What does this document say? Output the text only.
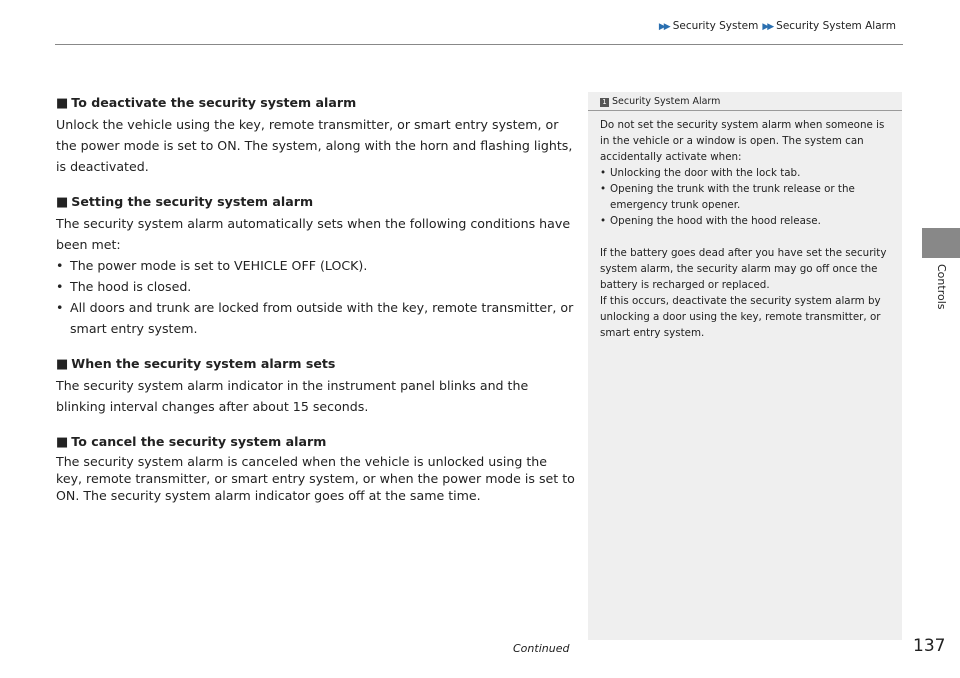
▶▶ Security System ▶▶ Security System Alarm
■ To deactivate the security system alarm

Unlock the vehicle using the key, remote transmitter, or smart entry system, or the power mode is set to ON. The system, along with the horn and flashing lights, is deactivated.

■ Setting the security system alarm

The security system alarm automatically sets when the following conditions have been met:

• The power mode is set to VEHICLE OFF (LOCK).
• The hood is closed.
• All doors and trunk are locked from outside with the key, remote transmitter, or smart entry system.
■ When the security system alarm sets

The security system alarm indicator in the instrument panel blinks and the blinking interval changes after about 15 seconds.

■ To cancel the security system alarm

The security system alarm is canceled when the vehicle is unlocked using the key, remote transmitter, or smart entry system, or when the power mode is set to ON. The security system alarm indicator goes off at the same time.

1 Security System Alarm

Do not set the security system alarm when someone is in the vehicle or a window is open. The system can accidentally activate when:

• Unlocking the door with the lock tab.
• Opening the trunk with the trunk release or the emergency trunk opener.
• Opening the hood with the hood release.

If the battery goes dead after you have set the security system alarm, the security alarm may go off once the battery is recharged or replaced.

If this occurs, deactivate the security system alarm by unlocking a door using the key, remote transmitter, or smart entry system.

Controls
Continued	137
